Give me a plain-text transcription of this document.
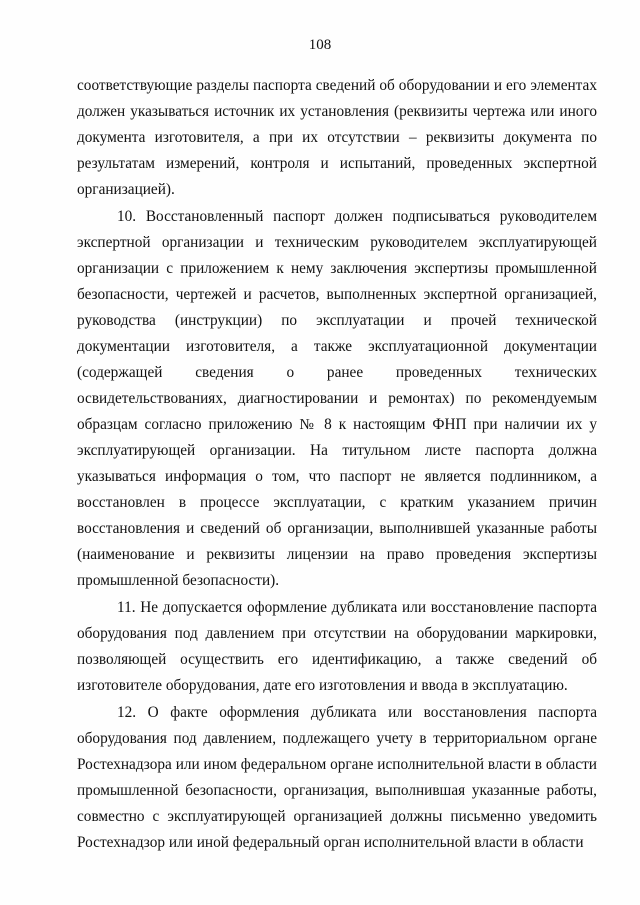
108

соответствующие разделы паспорта сведений об оборудовании и его элементах должен указываться источник их установления (реквизиты чертежа или иного документа изготовителя, а при их отсутствии – реквизиты документа по результатам измерений, контроля и испытаний, проведенных экспертной организацией).

10. Восстановленный паспорт должен подписываться руководителем экспертной организации и техническим руководителем эксплуатирующей организации с приложением к нему заключения экспертизы промышленной безопасности, чертежей и расчетов, выполненных экспертной организацией, руководства (инструкции) по эксплуатации и прочей технической документации изготовителя, а также эксплуатационной документации (содержащей сведения о ранее проведенных технических освидетельствованиях, диагностировании и ремонтах) по рекомендуемым образцам согласно приложению № 8 к настоящим ФНП при наличии их у эксплуатирующей организации. На титульном листе паспорта должна указываться информация о том, что паспорт не является подлинником, а восстановлен в процессе эксплуатации, с кратким указанием причин восстановления и сведений об организации, выполнившей указанные работы (наименование и реквизиты лицензии на право проведения экспертизы промышленной безопасности).

11. Не допускается оформление дубликата или восстановление паспорта оборудования под давлением при отсутствии на оборудовании маркировки, позволяющей осуществить его идентификацию, а также сведений об изготовителе оборудования, дате его изготовления и ввода в эксплуатацию.

12. О факте оформления дубликата или восстановления паспорта оборудования под давлением, подлежащего учету в территориальном органе Ростехнадзора или ином федеральном органе исполнительной власти в области промышленной безопасности, организация, выполнившая указанные работы, совместно с эксплуатирующей организацией должны письменно уведомить Ростехнадзор или иной федеральный орган исполнительной власти в области
